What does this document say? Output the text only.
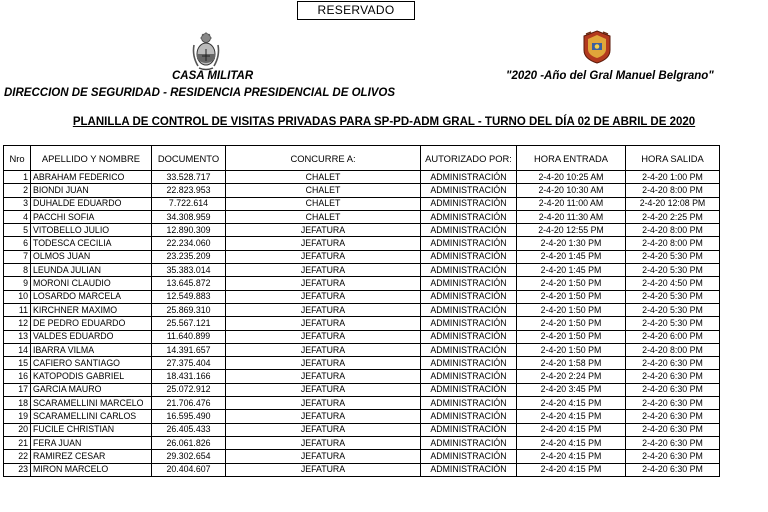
RESERVADO
CASA MILITAR	"2020 -Año del Gral Manuel Belgrano"
DIRECCION DE SEGURIDAD - RESIDENCIA PRESIDENCIAL DE OLIVOS
PLANILLA DE CONTROL DE VISITAS PRIVADAS PARA SP-PD-ADM GRAL - TURNO DEL DÍA 02 DE ABRIL DE 2020
Nro	APELLIDO Y NOMBRE	DOCUMENTO	CONCURRE A:	AUTORIZADO POR:	HORA ENTRADA	HORA SALIDA
1	ABRAHAM FEDERICO	33.528.717	CHALET	ADMINISTRACIÓN	2-4-20 10:25 AM	2-4-20 1:00 PM
2	BIONDI JUAN	22.823.953	CHALET	ADMINISTRACIÓN	2-4-20 10:30 AM	2-4-20 8:00 PM
3	DUHALDE EDUARDO	7.722.614	CHALET	ADMINISTRACIÓN	2-4-20 11:00 AM	2-4-20 12:08 PM
4	PACCHI SOFIA	34.308.959	CHALET	ADMINISTRACIÓN	2-4-20 11:30 AM	2-4-20 2:25 PM
5	VITOBELLO JULIO	12.890.309	JEFATURA	ADMINISTRACIÓN	2-4-20 12:55 PM	2-4-20 8:00 PM
6	TODESCA CECILIA	22.234.060	JEFATURA	ADMINISTRACIÓN	2-4-20 1:30 PM	2-4-20 8:00 PM
7	OLMOS JUAN	23.235.209	JEFATURA	ADMINISTRACIÓN	2-4-20 1:45 PM	2-4-20 5:30 PM
8	LEUNDA JULIAN	35.383.014	JEFATURA	ADMINISTRACIÓN	2-4-20 1:45 PM	2-4-20 5:30 PM
9	MORONI CLAUDIO	13.645.872	JEFATURA	ADMINISTRACIÓN	2-4-20 1:50 PM	2-4-20 4:50 PM
10	LOSARDO MARCELA	12.549.883	JEFATURA	ADMINISTRACIÓN	2-4-20 1:50 PM	2-4-20 5:30 PM
11	KIRCHNER MAXIMO	25.869.310	JEFATURA	ADMINISTRACIÓN	2-4-20 1:50 PM	2-4-20 5:30 PM
12	DE PEDRO EDUARDO	25.567.121	JEFATURA	ADMINISTRACIÓN	2-4-20 1:50 PM	2-4-20 5:30 PM
13	VALDES EDUARDO	11.640.899	JEFATURA	ADMINISTRACIÓN	2-4-20 1:50 PM	2-4-20 6:00 PM
14	IBARRA VILMA	14.391.657	JEFATURA	ADMINISTRACIÓN	2-4-20 1:50 PM	2-4-20 8:00 PM
15	CAFIERO SANTIAGO	27.375.404	JEFATURA	ADMINISTRACIÓN	2-4-20 1:58 PM	2-4-20 6:30 PM
16	KATOPODIS GABRIEL	18.431.166	JEFATURA	ADMINISTRACIÓN	2-4-20 2:24 PM	2-4-20 6:30 PM
17	GARCIA MAURO	25.072.912	JEFATURA	ADMINISTRACIÓN	2-4-20 3:45 PM	2-4-20 6:30 PM
18	SCARAMELLINI MARCELO	21.706.476	JEFATURA	ADMINISTRACIÓN	2-4-20 4:15 PM	2-4-20 6:30 PM
19	SCARAMELLINI CARLOS	16.595.490	JEFATURA	ADMINISTRACIÓN	2-4-20 4:15 PM	2-4-20 6:30 PM
20	FUCILE CHRISTIAN	26.405.433	JEFATURA	ADMINISTRACIÓN	2-4-20 4:15 PM	2-4-20 6:30 PM
21	FERA JUAN	26.061.826	JEFATURA	ADMINISTRACIÓN	2-4-20 4:15 PM	2-4-20 6:30 PM
22	RAMIREZ CESAR	29.302.654	JEFATURA	ADMINISTRACIÓN	2-4-20 4:15 PM	2-4-20 6:30 PM
23	MIRON MARCELO	20.404.607	JEFATURA	ADMINISTRACIÓN	2-4-20 4:15 PM	2-4-20 6:30 PM
